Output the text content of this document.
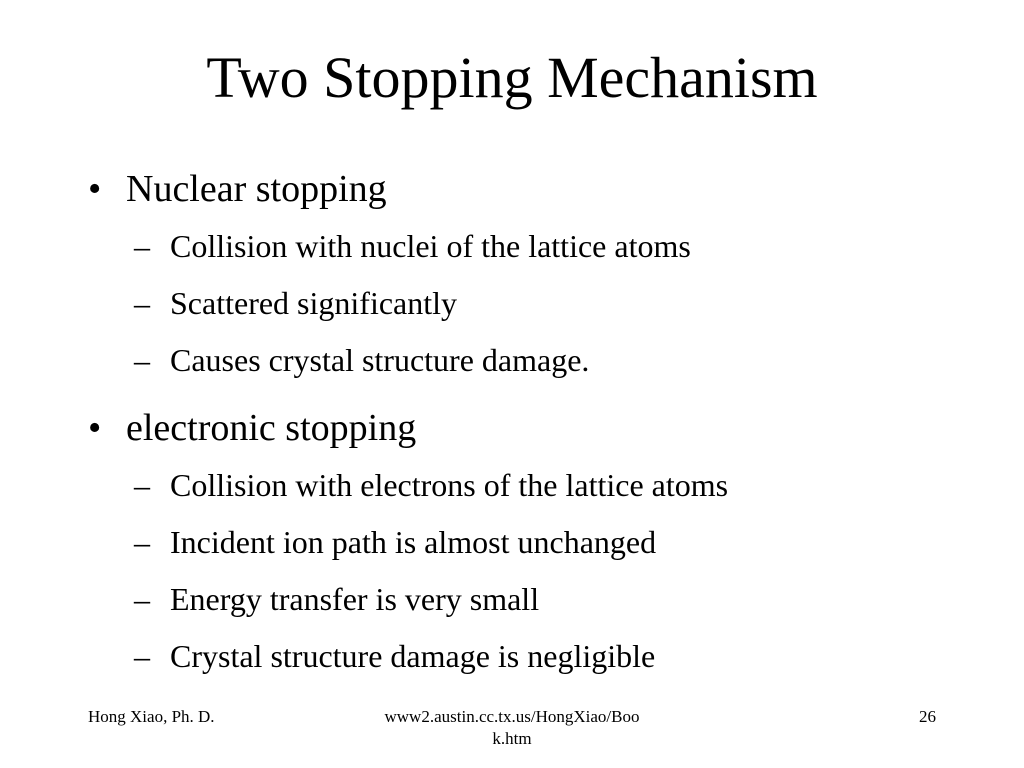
Two Stopping Mechanism
• Nuclear stopping
– Collision with nuclei of the lattice atoms
– Scattered significantly
– Causes crystal structure damage.
• electronic stopping
– Collision with electrons of the lattice atoms
– Incident ion path is almost unchanged
– Energy transfer is very small
– Crystal structure damage is negligible
Hong Xiao, Ph. D.	www2.austin.cc.tx.us/HongXiao/Boo
k.htm
26
